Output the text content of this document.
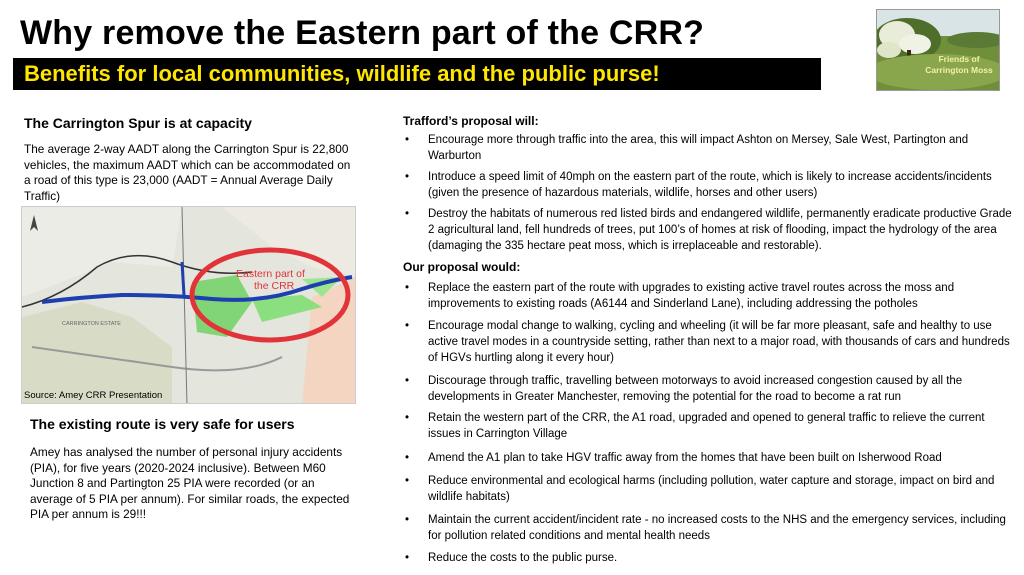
Why remove the Eastern part of the CRR?
Benefits for local communities, wildlife and the public purse!
Friends of
Carrington Moss
The Carrington Spur is at capacity

The average 2-way AADT along the Carrington Spur is 22,800 vehicles, the maximum AADT which can be accommodated on a road of this type is 23,000 (AADT = Annual Average Daily Traffic)

Eastern part of
the CRR
CARRINGTON ESTATE
Source: Amey CRR Presentation
The existing route is very safe for users

Amey has analysed the number of personal injury accidents (PIA), for five years (2020-2024 inclusive). Between M60 Junction 8 and Partington 25 PIA were recorded (or an average of 5 PIA per annum). For similar roads, the expected PIA per annum is 29!!!

Trafford’s proposal will:
• Encourage more through traffic into the area, this will impact Ashton on Mersey, Sale West, Partington and Warburton
• Introduce a speed limit of 40mph on the eastern part of the route, which is likely to increase accidents/incidents (given the presence of hazardous materials, wildlife, horses and other users)
• Destroy the habitats of numerous red listed birds and endangered wildlife, permanently eradicate productive Grade 2 agricultural land, fell hundreds of trees, put 100’s of homes at risk of flooding, impact the hydrology of the area (damaging the 335 hectare peat moss, which is irreplaceable and restorable).
Our proposal would:
• Replace the eastern part of the route with upgrades to existing active travel routes across the moss and improvements to existing roads (A6144 and Sinderland Lane), including addressing the potholes
• Encourage modal change to walking, cycling and wheeling (it will be far more pleasant, safe and healthy to use active travel modes in a countryside setting, rather than next to a major road, with thousands of cars and hundreds of HGVs hurtling along it every hour)
• Discourage through traffic, travelling between motorways to avoid increased congestion caused by all the developments in Greater Manchester, removing the potential for the road to become a rat run
• Retain the western part of the CRR, the A1 road, upgraded and opened to general traffic to relieve the current issues in Carrington Village
• Amend the A1 plan to take HGV traffic away from the homes that have been built on Isherwood Road
• Reduce environmental and ecological harms (including pollution, water capture and storage, impact on bird and wildlife habitats)
• Maintain the current accident/incident rate - no increased costs to the NHS and the emergency services, including for pollution related conditions and mental health needs
• Reduce the costs to the public purse.
